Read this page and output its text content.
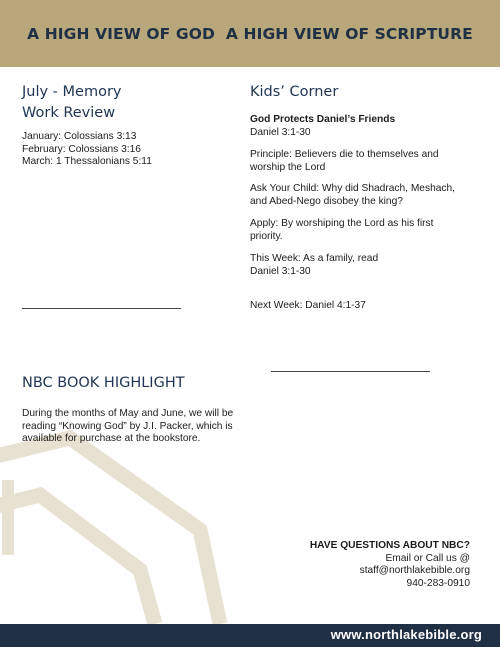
A HIGH VIEW OF GOD  A HIGH VIEW OF SCRIPTURE
July - Memory
Work Review
January: Colossians 3:13
February: Colossians 3:16
March: 1 Thessalonians 5:11
Kids’ Corner
God Protects Daniel’s Friends
Daniel 3:1-30
Principle: Believers die to themselves and worship the Lord
Ask Your Child: Why did Shadrach, Meshach, and Abed-Nego disobey the king?
Apply: By worshiping the Lord as his first priority.
This Week: As a family, read
Daniel 3:1-30
Next Week: Daniel 4:1-37
NBC BOOK HIGHLIGHT
During the months of May and June, we will be reading “Knowing God” by J.I. Packer, which is available for purchase at the bookstore.
HAVE QUESTIONS ABOUT NBC?
Email or Call us @
staff@northlakebible.org
940-283-0910
www.northlakebible.org
